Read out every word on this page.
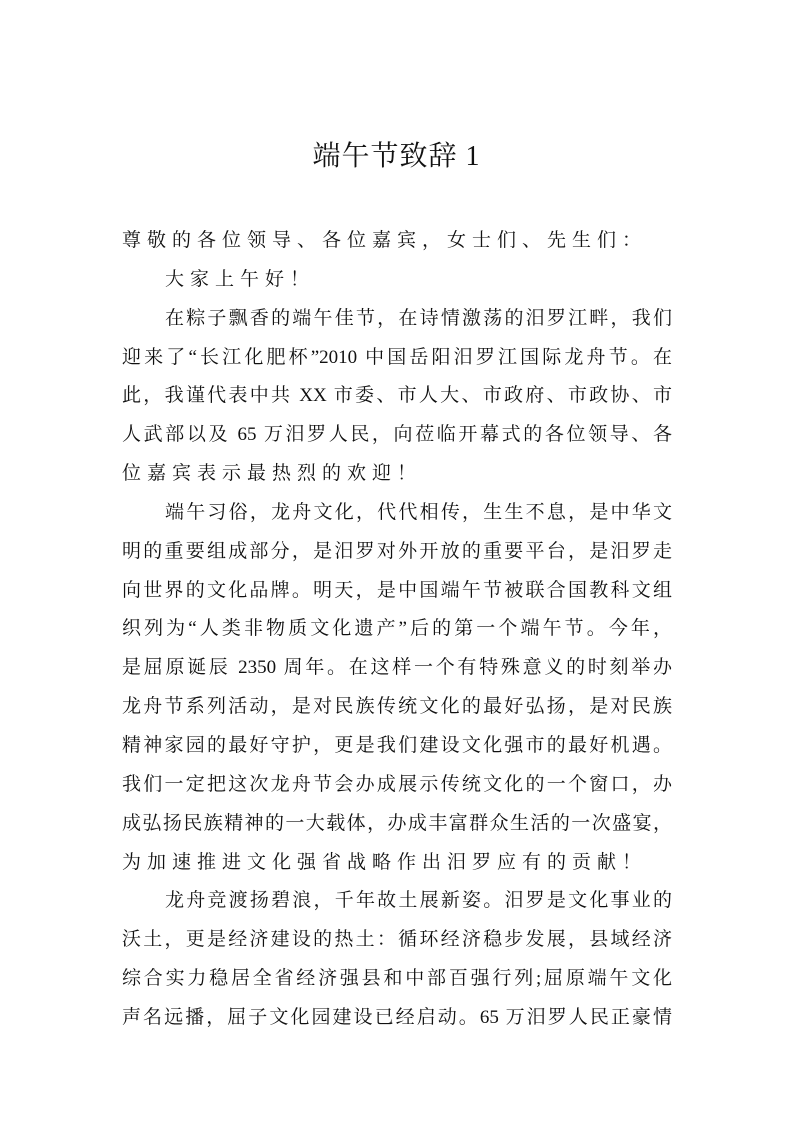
端午节致辞 1
尊敬的各位领导、各位嘉宾，女士们、先生们：
大家上午好！
在粽子飘香的端午佳节，在诗情激荡的汨罗江畔，我们
迎来了“长江化肥杯”2010 中国岳阳汨罗江国际龙舟节。在
此，我谨代表中共 XX 市委、市人大、市政府、市政协、市
人武部以及 65 万汨罗人民，向莅临开幕式的各位领导、各
位嘉宾表示最热烈的欢迎！
端午习俗，龙舟文化，代代相传，生生不息，是中华文
明的重要组成部分，是汨罗对外开放的重要平台，是汨罗走
向世界的文化品牌。明天，是中国端午节被联合国教科文组
织列为“人类非物质文化遗产”后的第一个端午节。今年，
是屈原诞辰 2350 周年。在这样一个有特殊意义的时刻举办
龙舟节系列活动，是对民族传统文化的最好弘扬，是对民族
精神家园的最好守护，更是我们建设文化强市的最好机遇。
我们一定把这次龙舟节会办成展示传统文化的一个窗口，办
成弘扬民族精神的一大载体，办成丰富群众生活的一次盛宴，
为加速推进文化强省战略作出汨罗应有的贡献！
龙舟竞渡扬碧浪，千年故土展新姿。汨罗是文化事业的
沃土，更是经济建设的热土：循环经济稳步发展，县域经济
综合实力稳居全省经济强县和中部百强行列;屈原端午文化
声名远播，屈子文化园建设已经启动。65 万汨罗人民正豪情
